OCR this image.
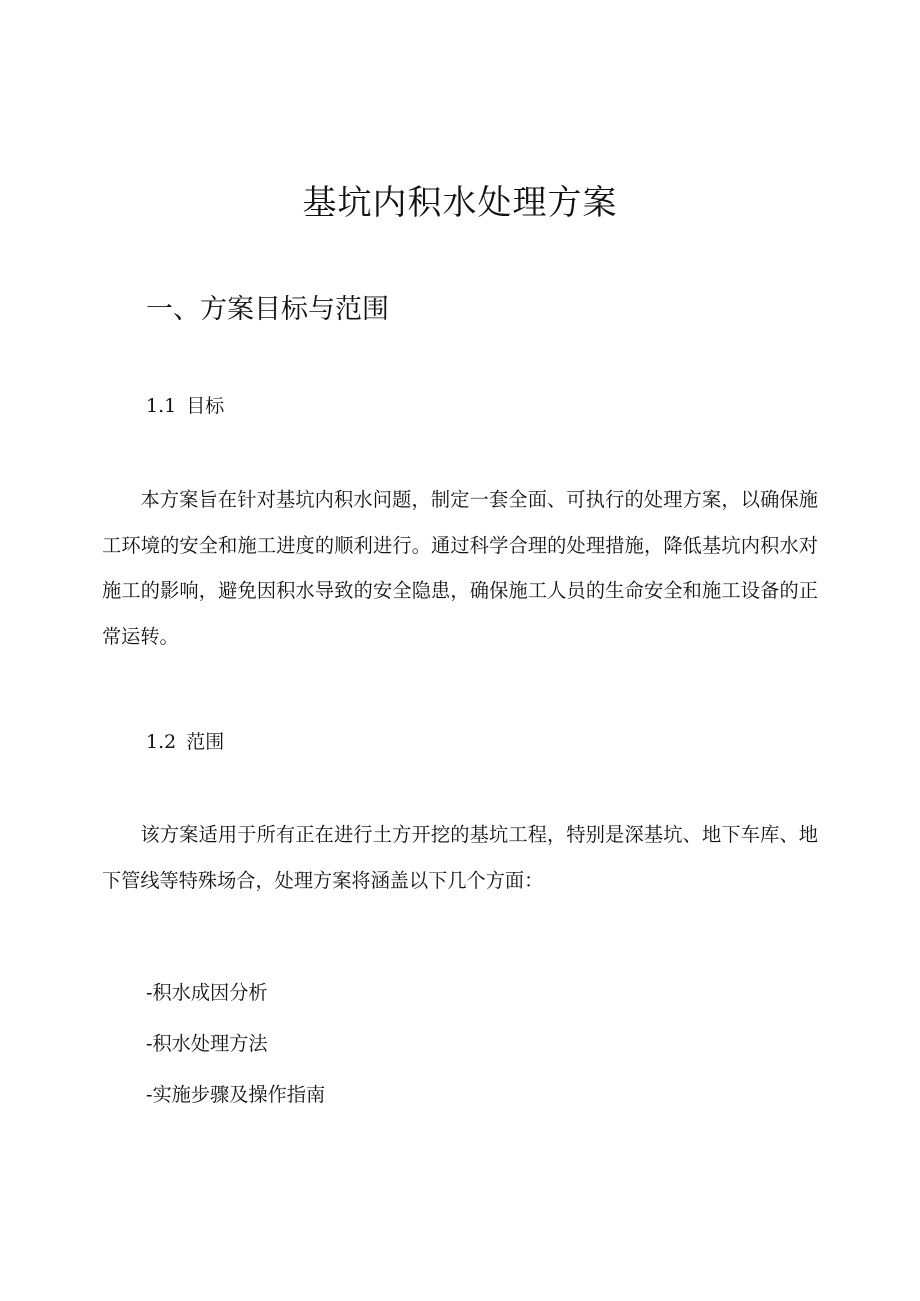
基坑内积水处理方案
一、方案目标与范围
1.1 目标

本方案旨在针对基坑内积水问题，制定一套全面、可执行的处理方案，以确保施工环境的安全和施工进度的顺利进行。通过科学合理的处理措施，降低基坑内积水对施工的影响，避免因积水导致的安全隐患，确保施工人员的生命安全和施工设备的正常运转。

1.2 范围

该方案适用于所有正在进行土方开挖的基坑工程，特别是深基坑、地下车库、地下管线等特殊场合，处理方案将涵盖以下几个方面：

-积水成因分析
-积水处理方法
-实施步骤及操作指南
